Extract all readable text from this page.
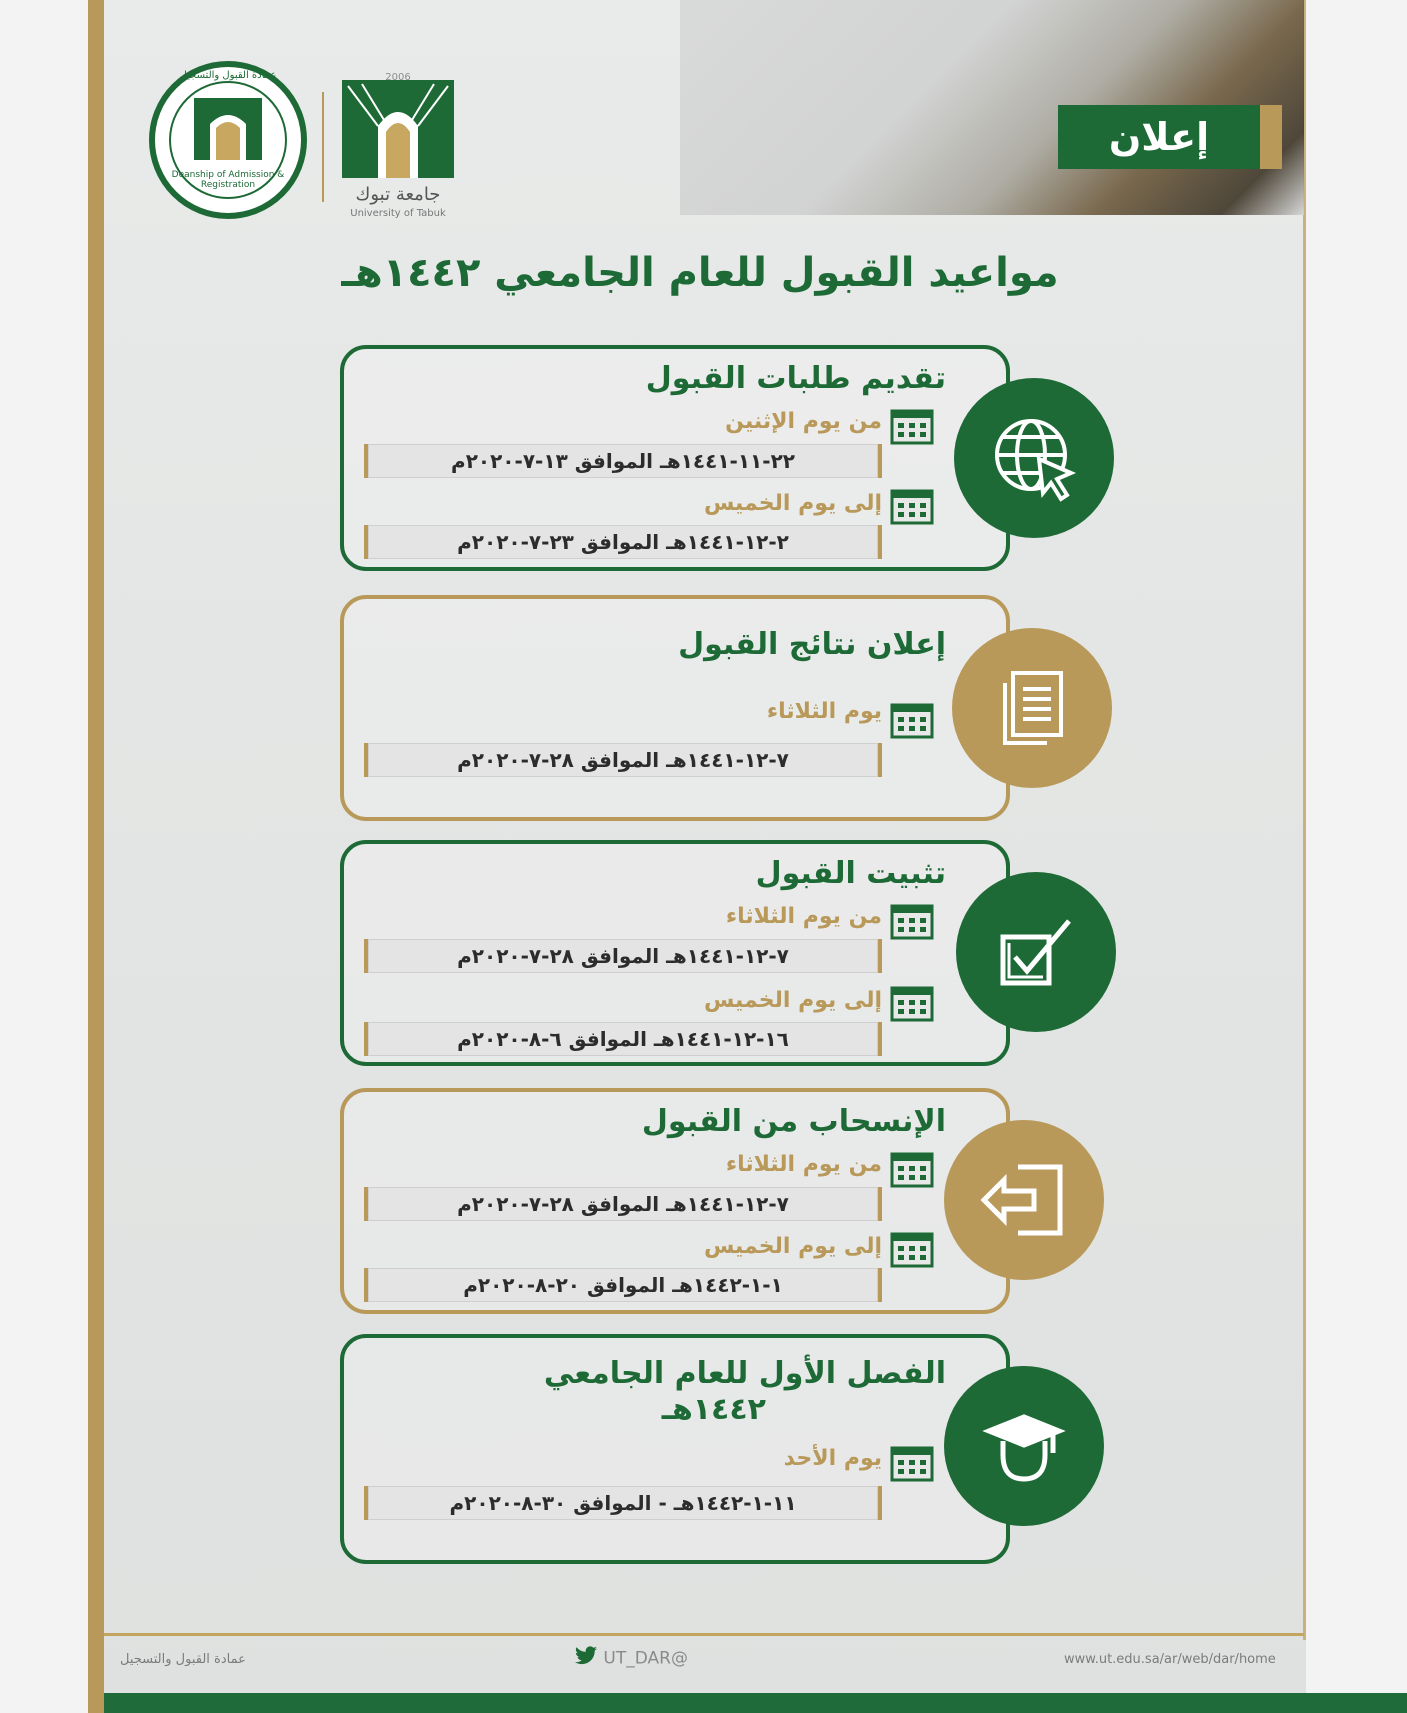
إعلان
2006
جامعة تبوك
University of Tabuk
Deanship of Admission & Registration
عمادة القبول والتسجيل
مواعيد القبول للعام الجامعي ١٤٤٢هـ
تقديم طلبات القبول
من يوم الإثنين
٢٢-١١-١٤٤١هـ الموافق ١٣-٧-٢٠٢٠م
إلى يوم الخميس
٢-١٢-١٤٤١هـ الموافق ٢٣-٧-٢٠٢٠م
إعلان نتائج القبول
يوم الثلاثاء
٧-١٢-١٤٤١هـ الموافق ٢٨-٧-٢٠٢٠م
تثبيت القبول
من يوم الثلاثاء
٧-١٢-١٤٤١هـ الموافق ٢٨-٧-٢٠٢٠م
إلى يوم الخميس
١٦-١٢-١٤٤١هـ الموافق ٦-٨-٢٠٢٠م
الإنسحاب من القبول
من يوم الثلاثاء
٧-١٢-١٤٤١هـ الموافق ٢٨-٧-٢٠٢٠م
إلى يوم الخميس
١-١-١٤٤٢هـ الموافق ٢٠-٨-٢٠٢٠م
الفصل الأول للعام الجامعي
١٤٤٢هـ
يوم الأحد
١١-١-١٤٤٢هـ - الموافق ٣٠-٨-٢٠٢٠م
عمادة القبول والتسجيل	UT_DAR@	www.ut.edu.sa/ar/web/dar/home
